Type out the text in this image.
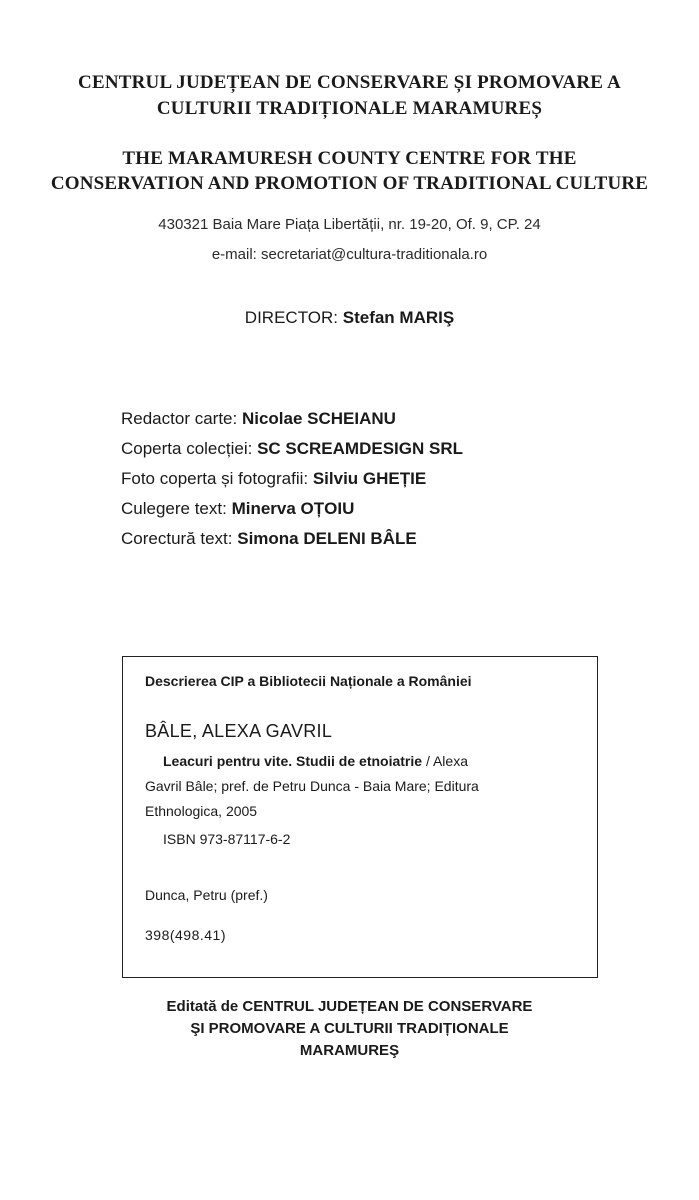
CENTRUL JUDEȚEAN DE CONSERVARE ȘI PROMOVARE A
CULTURII TRADIȚIONALE MARAMUREȘ
THE MARAMURESH COUNTY CENTRE FOR THE
CONSERVATION AND PROMOTION OF TRADITIONAL CULTURE
430321 Baia Mare Piața Libertății, nr. 19-20, Of. 9, CP. 24
e-mail: secretariat@cultura-traditionala.ro
DIRECTOR: Stefan MARIŞ
Redactor carte: Nicolae SCHEIANU
Coperta colecției: SC SCREAMDESIGN SRL
Foto coperta și fotografii: Silviu GHEȚIE
Culegere text: Minerva OȚOIU
Corectură text: Simona DELENI BÂLE
Descrierea CIP a Bibliotecii Naționale a României
BÂLE, ALEXA GAVRIL
Leacuri pentru vite. Studii de etnoiatrie / Alexa
Gavril Bâle; pref. de Petru Dunca - Baia Mare; Editura
Ethnologica, 2005
ISBN 973-87117-6-2
Dunca, Petru (pref.)
398(498.41)
Editată de CENTRUL JUDEȚEAN DE CONSERVARE
ŞI PROMOVARE A CULTURII TRADIȚIONALE
MARAMUREŞ
